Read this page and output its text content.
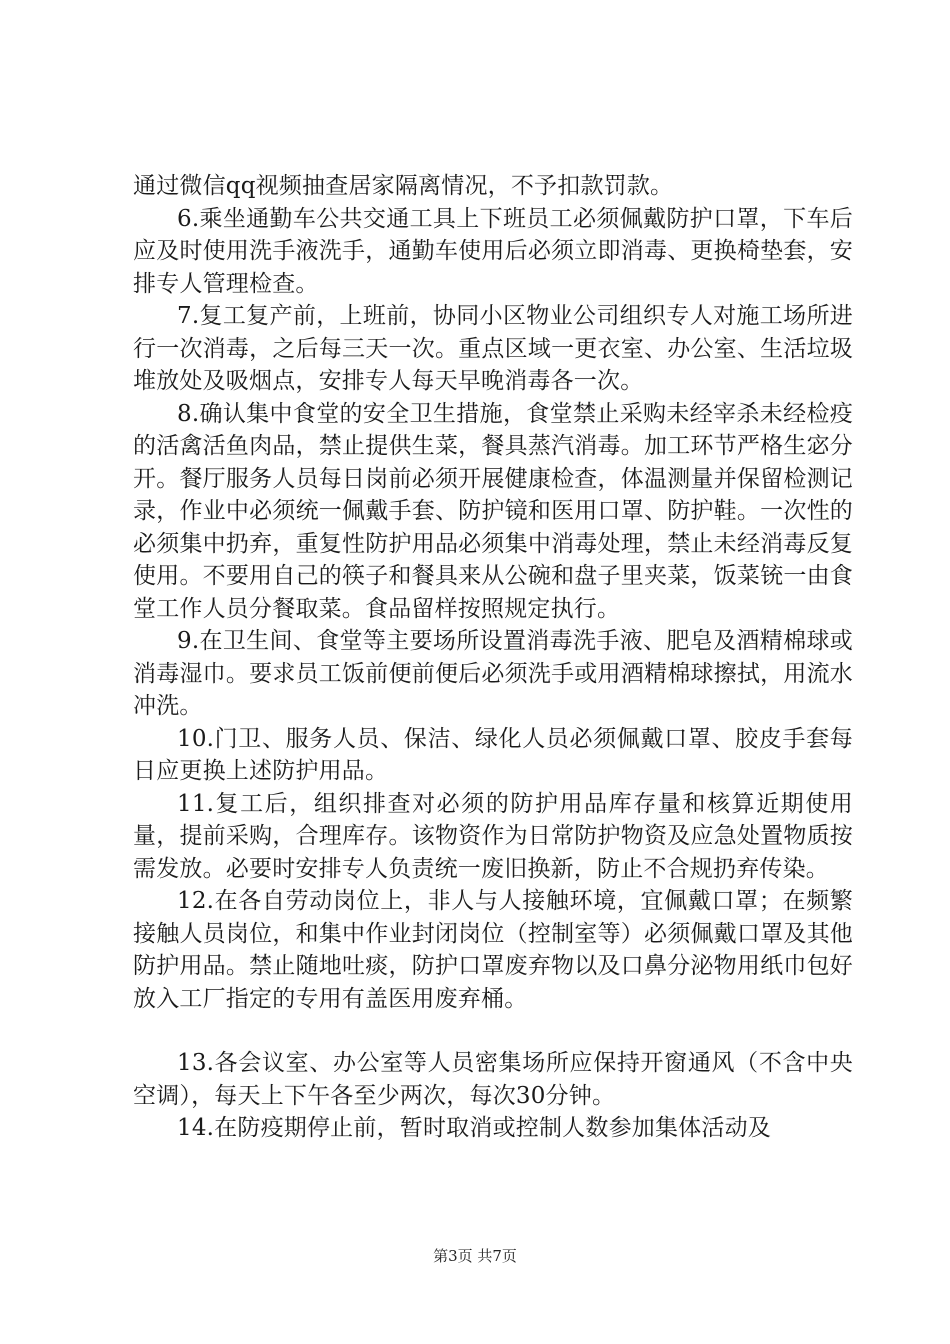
通过微信qq视频抽查居家隔离情况，不予扣款罚款。

6.乘坐通勤车公共交通工具上下班员工必须佩戴防护口罩，下车后应及时使用洗手液洗手，通勤车使用后必须立即消毒、更换椅垫套，安排专人管理检查。

7.复工复产前，上班前，协同小区物业公司组织专人对施工场所进行一次消毒，之后每三天一次。重点区域一更衣室、办公室、生活垃圾堆放处及吸烟点，安排专人每天早晚消毒各一次。

8.确认集中食堂的安全卫生措施，食堂禁止采购未经宰杀未经检疫的活禽活鱼肉品，禁止提供生菜，餐具蒸汽消毒。加工环节严格生宓分开。餐厅服务人员每日岗前必须开展健康检查，体温测量并保留检测记录，作业中必须统一佩戴手套、防护镜和医用口罩、防护鞋。一次性的必须集中扔弃，重复性防护用品必须集中消毒处理，禁止未经消毒反复使用。不要用自己的筷子和餐具来从公碗和盘子里夹菜，饭菜铳一由食堂工作人员分餐取菜。食品留样按照规定执行。

9.在卫生间、食堂等主要场所设置消毒洗手液、肥皂及酒精棉球或消毒湿巾。要求员工饭前便前便后必须洗手或用酒精棉球擦拭，用流水冲洗。

10.门卫、服务人员、保洁、绿化人员必须佩戴口罩、胶皮手套每日应更换上述防护用品。

11.复工后，组织排查对必须的防护用品库存量和核算近期使用量，提前采购，合理库存。该物资作为日常防护物资及应急处置物质按需发放。必要时安排专人负责统一废旧换新，防止不合规扔弃传染。

12.在各自劳动岗位上，非人与人接触环境，宜佩戴口罩；在频繁接触人员岗位，和集中作业封闭岗位（控制室等）必须佩戴口罩及其他防护用品。禁止随地吐痰，防护口罩废弃物以及口鼻分泌物用纸巾包好放入工厂指定的专用有盖医用废弃桶。

13.各会议室、办公室等人员密集场所应保持开窗通风（不含中央空调），每天上下午各至少两次，每次30分钟。

14.在防疫期停止前，暂时取消或控制人数参加集体活动及

第3页 共7页
